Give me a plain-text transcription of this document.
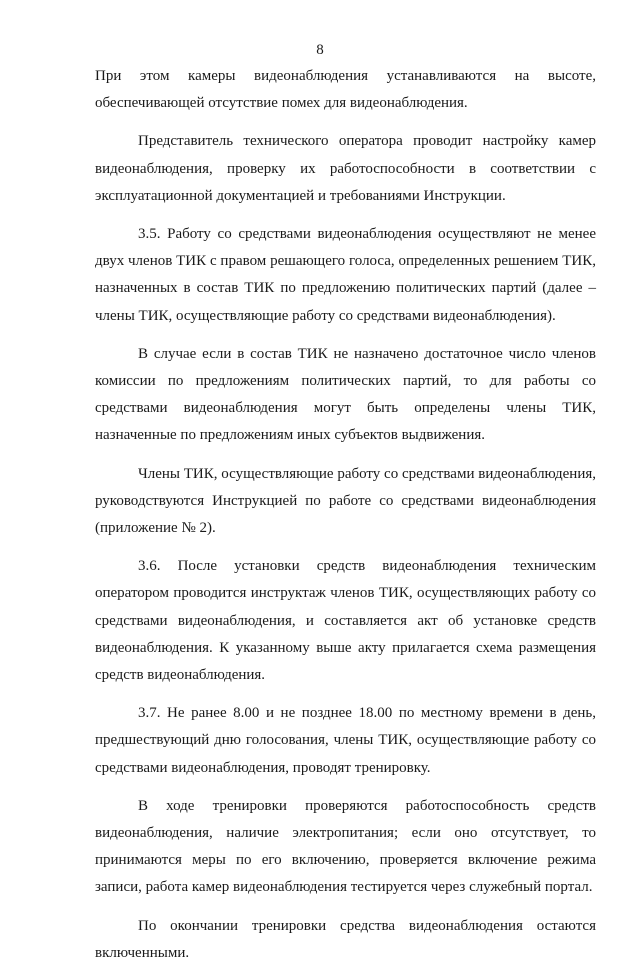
8

При этом камеры видеонаблюдения устанавливаются на высоте, обеспечивающей отсутствие помех для видеонаблюдения.

Представитель технического оператора проводит настройку камер видеонаблюдения, проверку их работоспособности в соответствии с эксплуатационной документацией и требованиями Инструкции.

3.5. Работу со средствами видеонаблюдения осуществляют не менее двух членов ТИК с правом решающего голоса, определенных решением ТИК, назначенных в состав ТИК по предложению политических партий (далее – члены ТИК, осуществляющие работу со средствами видеонаблюдения).

В случае если в состав ТИК не назначено достаточное число членов комиссии по предложениям политических партий, то для работы со средствами видеонаблюдения могут быть определены члены ТИК, назначенные по предложениям иных субъектов выдвижения.

Члены ТИК, осуществляющие работу со средствами видеонаблюдения, руководствуются Инструкцией по работе со средствами видеонаблюдения (приложение № 2).

3.6. После установки средств видеонаблюдения техническим оператором проводится инструктаж членов ТИК, осуществляющих работу со средствами видеонаблюдения, и составляется акт об установке средств видеонаблюдения. К указанному выше акту прилагается схема размещения средств видеонаблюдения.

3.7. Не ранее 8.00 и не позднее 18.00 по местному времени в день, предшествующий дню голосования, члены ТИК, осуществляющие работу со средствами видеонаблюдения, проводят тренировку.

В ходе тренировки проверяются работоспособность средств видеонаблюдения, наличие электропитания; если оно отсутствует, то принимаются меры по его включению, проверяется включение режима записи, работа камер видеонаблюдения тестируется через служебный портал.

По окончании тренировки средства видеонаблюдения остаются включенными.
